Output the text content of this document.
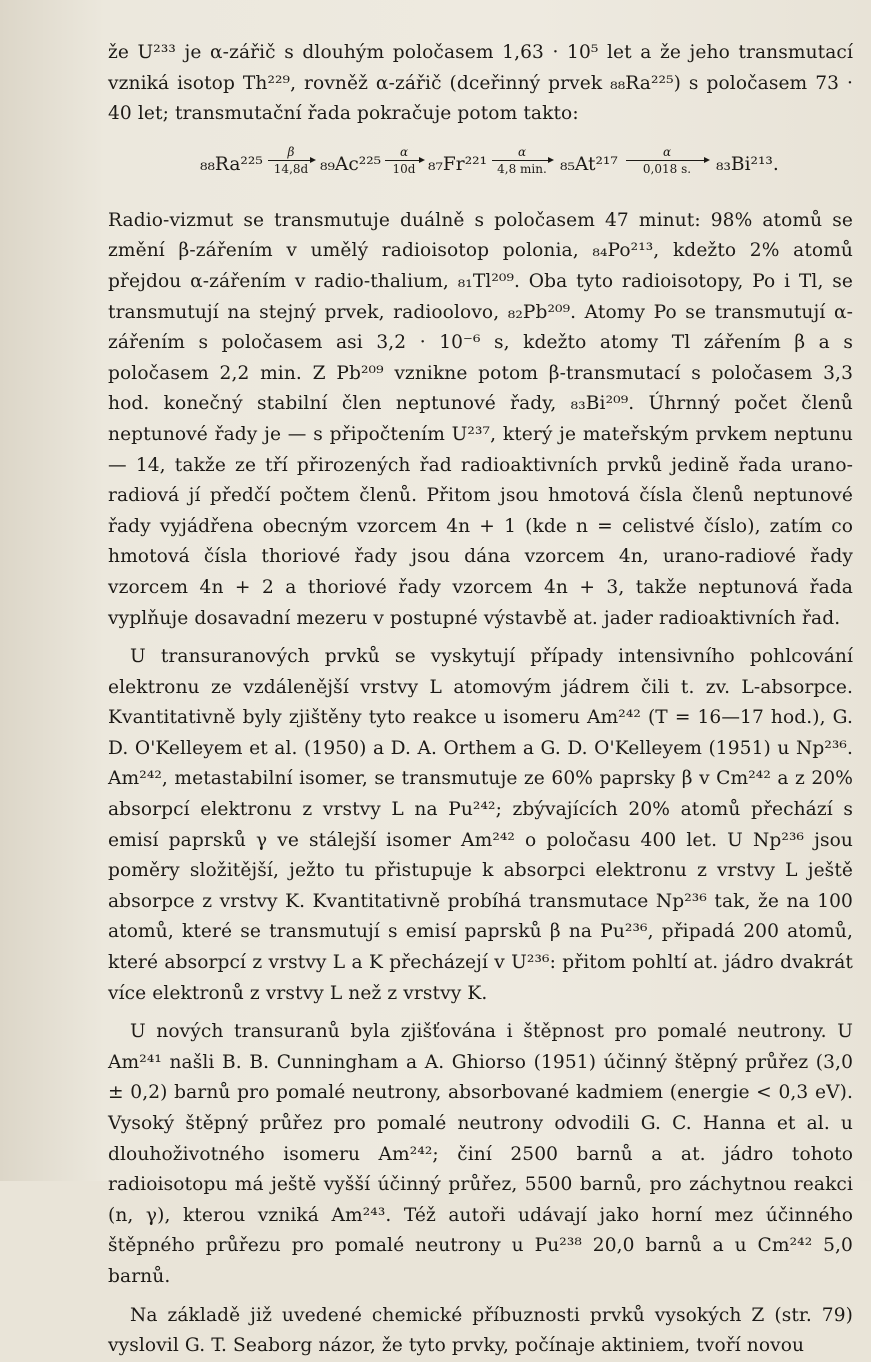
že U²³³ je α-zářič s dlouhým poločasem 1,63 · 10⁵ let a že jeho transmutací vzniká isotop Th²²⁹, rovněž α-zářič (dceřinný prvek ₈₈Ra²²⁵) s poločasem 73 · 40 let; transmutační řada pokračuje potom takto:

₈₈Ra²²⁵
β
14,8d ₈₉Ac²²⁵
α
10d ₈₇Fr²²¹
α
4,8 min. ₈₅At²¹⁷
α
0,018 s.	₈₃Bi²¹³.

Radio-vizmut se transmutuje duálně s poločasem 47 minut: 98% atomů se změní β-zářením v umělý radioisotop polonia, ₈₄Po²¹³, kdežto 2% atomů přejdou α-zářením v radio-thalium, ₈₁Tl²⁰⁹. Oba tyto radioisotopy, Po i Tl, se transmutují na stejný prvek, radioolovo, ₈₂Pb²⁰⁹. Atomy Po se transmutují α-zářením s poločasem asi 3,2 · 10⁻⁶ s, kdežto atomy Tl zářením β a s poločasem 2,2 min. Z Pb²⁰⁹ vznikne potom β-transmutací s poločasem 3,3 hod. konečný stabilní člen neptunové řady, ₈₃Bi²⁰⁹. Úhrnný počet členů neptunové řady je — s připočtením U²³⁷, který je mateřským prvkem neptunu — 14, takže ze tří přirozených řad radioaktivních prvků jedině řada urano-radiová jí předčí počtem členů. Přitom jsou hmotová čísla členů neptunové řady vyjádřena obecným vzorcem 4n + 1 (kde n = celistvé číslo), zatím co hmotová čísla thoriové řady jsou dána vzorcem 4n, urano-radiové řady vzorcem 4n + 2 a thoriové řady vzorcem 4n + 3, takže neptunová řada vyplňuje dosavadní mezeru v postupné výstavbě at. jader radioaktivních řad.

U transuranových prvků se vyskytují případy intensivního pohlcování elektronu ze vzdálenější vrstvy L atomovým jádrem čili t. zv. L-absorpce. Kvantitativně byly zjištěny tyto reakce u isomeru Am²⁴² (T = 16—17 hod.), G. D. O'Kelleyem et al. (1950) a D. A. Orthem a G. D. O'Kelleyem (1951) u Np²³⁶. Am²⁴², metastabilní isomer, se transmutuje ze 60% paprsky β v Cm²⁴² a z 20% absorpcí elektronu z vrstvy L na Pu²⁴²; zbývajících 20% atomů přechází s emisí paprsků γ ve stálejší isomer Am²⁴² o poločasu 400 let. U Np²³⁶ jsou poměry složitější, ježto tu přistupuje k absorpci elektronu z vrstvy L ještě absorpce z vrstvy K. Kvantitativně probíhá transmutace Np²³⁶ tak, že na 100 atomů, které se transmutují s emisí paprsků β na Pu²³⁶, připadá 200 atomů, které absorpcí z vrstvy L a K přecházejí v U²³⁶: přitom pohltí at. jádro dvakrát více elektronů z vrstvy L než z vrstvy K.

U nových transuranů byla zjišťována i štěpnost pro pomalé neutrony. U Am²⁴¹ našli B. B. Cunningham a A. Ghiorso (1951) účinný štěpný průřez (3,0 ± 0,2) barnů pro pomalé neutrony, absorbované kadmiem (energie < 0,3 eV). Vysoký štěpný průřez pro pomalé neutrony odvodili G. C. Hanna et al. u dlouhoživotného isomeru Am²⁴²; činí 2500 barnů a at. jádro tohoto radioisotopu má ještě vyšší účinný průřez, 5500 barnů, pro záchytnou reakci (n, γ), kterou vzniká Am²⁴³. Též autoři udávají jako horní mez účinného štěpného průřezu pro pomalé neutrony u Pu²³⁸ 20,0 barnů a u Cm²⁴² 5,0 barnů.

Na základě již uvedené chemické příbuznosti prvků vysokých Z (str. 79) vyslovil G. T. Seaborg názor, že tyto prvky, počínaje aktiniem, tvoří novou
